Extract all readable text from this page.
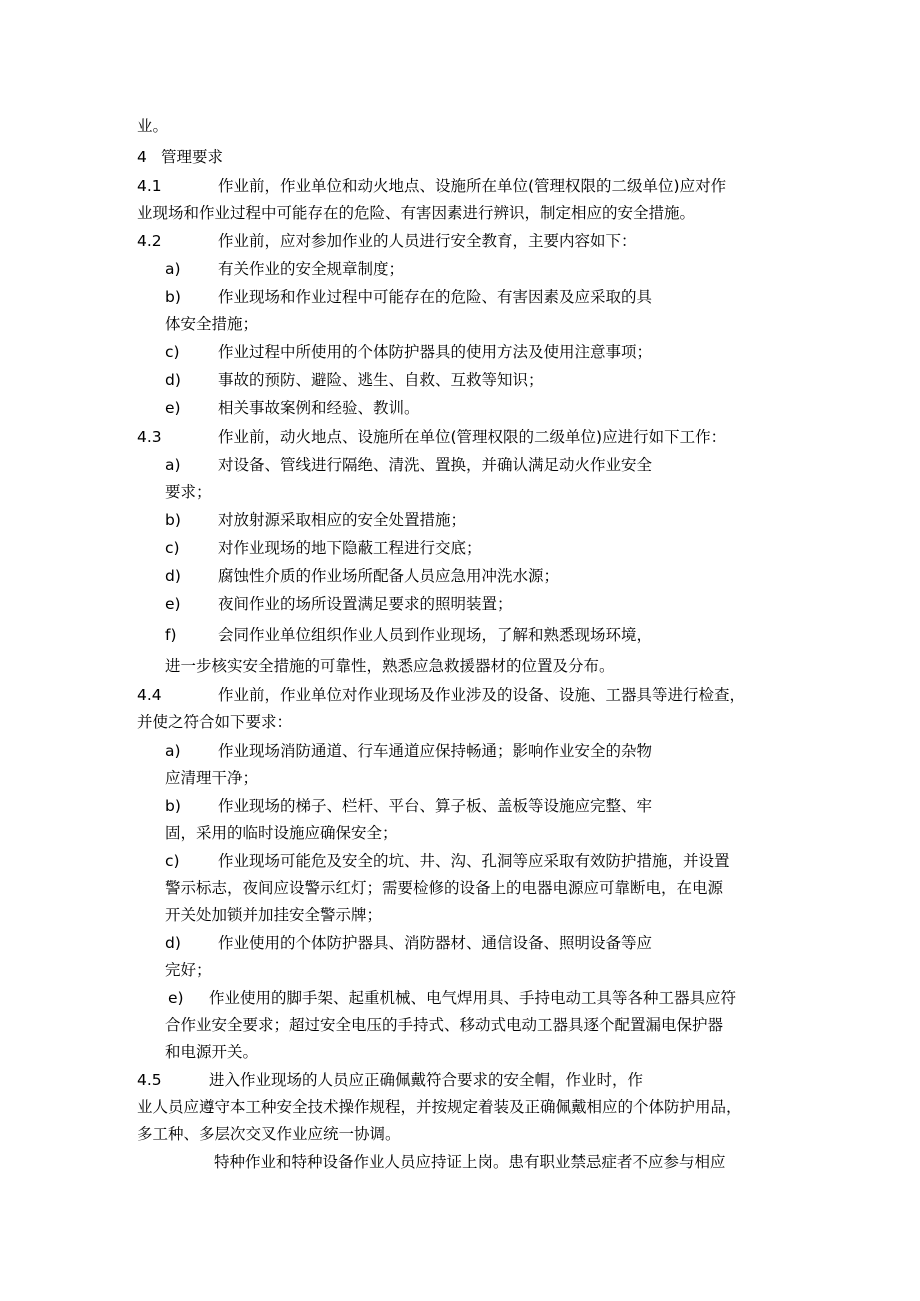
业。
4 管理要求
4.1	作业前，作业单位和动火地点、设施所在单位(管理权限的二级单位)应对作
业现场和作业过程中可能存在的危险、有害因素进行辨识，制定相应的安全措施。
4.2	作业前，应对参加作业的人员进行安全教育，主要内容如下：
a) 有关作业的安全规章制度；
b) 作业现场和作业过程中可能存在的危险、有害因素及应采取的具
体安全措施；
c) 作业过程中所使用的个体防护器具的使用方法及使用注意事项；
d) 事故的预防、避险、逃生、自救、互救等知识；
e) 相关事故案例和经验、教训。
4.3	作业前，动火地点、设施所在单位(管理权限的二级单位)应进行如下工作：
a) 对设备、管线进行隔绝、清洗、置换，并确认满足动火作业安全
要求；
b) 对放射源采取相应的安全处置措施；
c) 对作业现场的地下隐蔽工程进行交底；
d) 腐蚀性介质的作业场所配备人员应急用冲洗水源；
e) 夜间作业的场所设置满足要求的照明装置；
f)	会同作业单位组织作业人员到作业现场，了解和熟悉现场环境，
进一步核实安全措施的可靠性，熟悉应急救援器材的位置及分布。
4.4	作业前，作业单位对作业现场及作业涉及的设备、设施、工器具等进行检查，
并使之符合如下要求：
a) 作业现场消防通道、行车通道应保持畅通；影响作业安全的杂物
应清理干净；
b) 作业现场的梯子、栏杆、平台、算子板、盖板等设施应完整、牢
固，采用的临时设施应确保安全；
c) 作业现场可能危及安全的坑、井、沟、孔洞等应采取有效防护措施，并设置
警示标志，夜间应设警示红灯；需要检修的设备上的电器电源应可靠断电，在电源
开关处加锁并加挂安全警示牌；
d) 作业使用的个体防护器具、消防器材、通信设备、照明设备等应
完好；
e) 作业使用的脚手架、起重机械、电气焊用具、手持电动工具等各种工器具应符
合作业安全要求；超过安全电压的手持式、移动式电动工器具逐个配置漏电保护器
和电源开关。
4.5	进入作业现场的人员应正确佩戴符合要求的安全帽，作业时，作
业人员应遵守本工种安全技术操作规程，并按规定着装及正确佩戴相应的个体防护用品，
多工种、多层次交叉作业应统一协调。
特种作业和特种设备作业人员应持证上岗。患有职业禁忌症者不应参与相应
